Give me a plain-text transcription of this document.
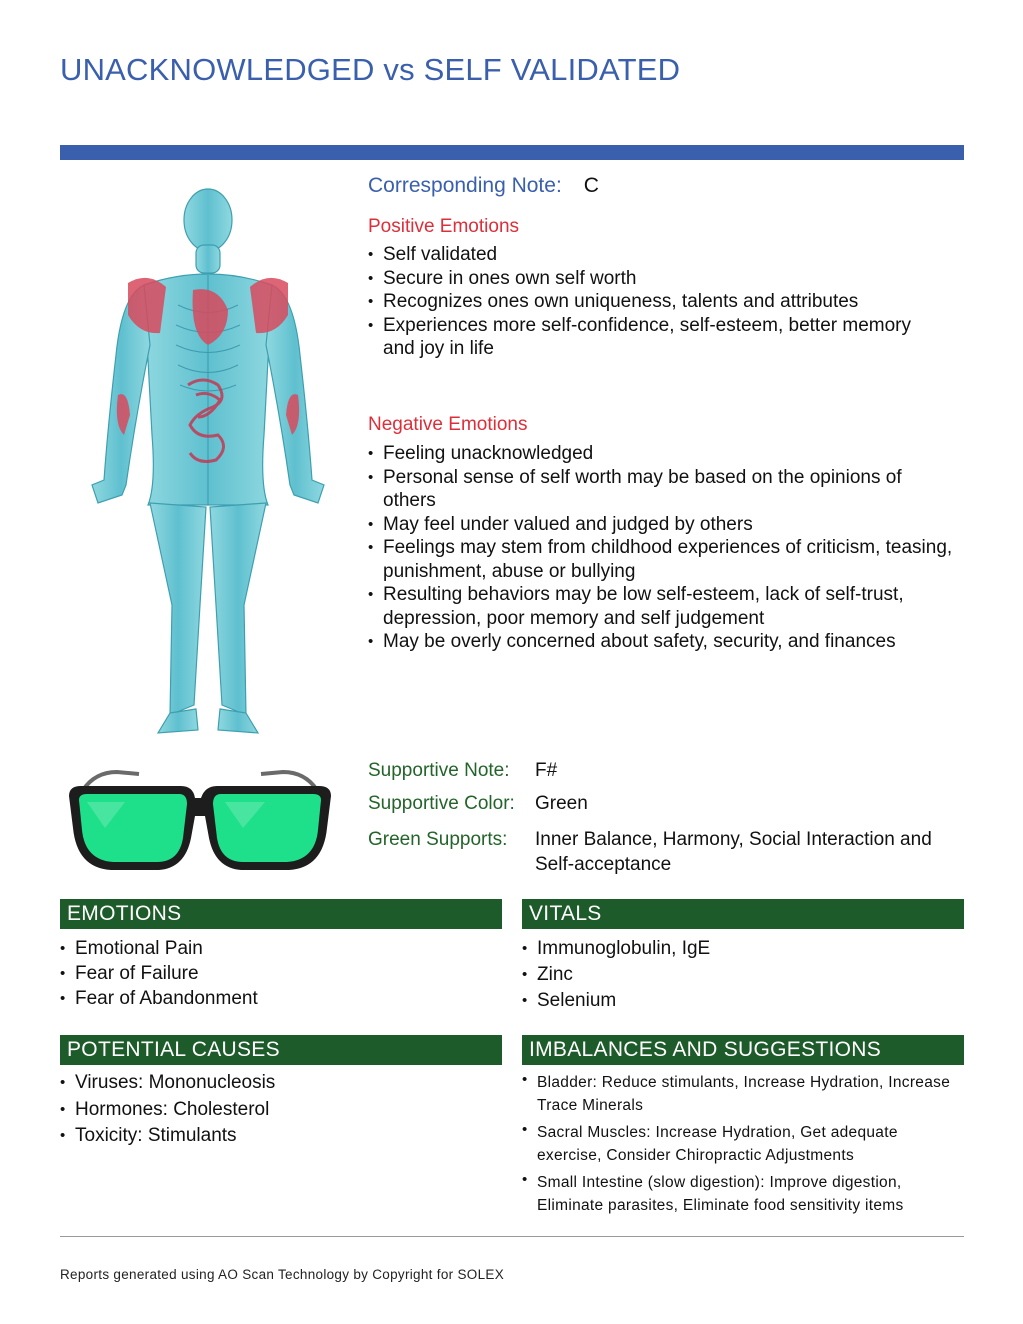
UNACKNOWLEDGED vs SELF VALIDATED
Corresponding Note: C
Positive Emotions
• Self validated
• Secure in ones own self worth
• Recognizes ones own uniqueness, talents and attributes
• Experiences more self-confidence, self-esteem, better memory and joy in life
Negative Emotions
• Feeling unacknowledged
• Personal sense of self worth may be based on the opinions of others
• May feel under valued and judged by others
• Feelings may stem from childhood experiences of criticism, teasing, punishment, abuse or bullying
• Resulting behaviors may be low self-esteem, lack of self-trust, depression, poor memory and self judgement
• May be overly concerned about safety, security, and finances
Supportive Note:	F#
Supportive Color:	Green
Green Supports:	Inner Balance, Harmony, Social Interaction and Self-acceptance
EMOTIONS
• Emotional Pain
• Fear of Failure
• Fear of Abandonment
VITALS
• Immunoglobulin, IgE
• Zinc
• Selenium
POTENTIAL CAUSES
• Viruses: Mononucleosis
• Hormones: Cholesterol
• Toxicity: Stimulants
IMBALANCES AND SUGGESTIONS
• Bladder: Reduce stimulants, Increase Hydration, Increase Trace Minerals
• Sacral Muscles: Increase Hydration, Get adequate exercise, Consider Chiropractic Adjustments
• Small Intestine (slow digestion): Improve digestion, Eliminate parasites, Eliminate food sensitivity items
Reports generated using AO Scan Technology by Copyright for SOLEX
